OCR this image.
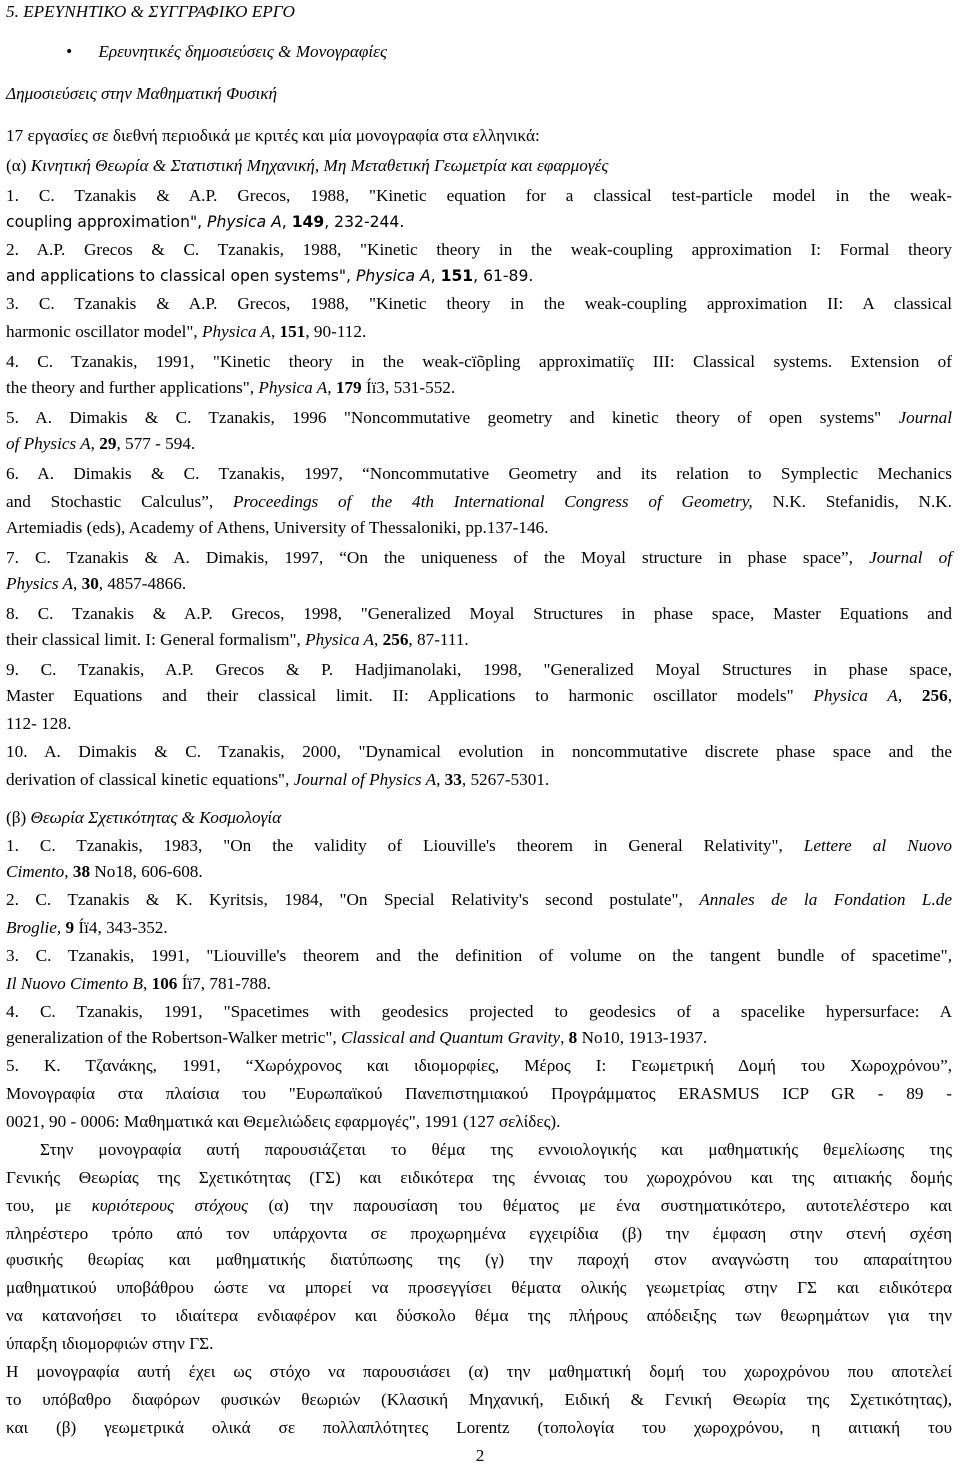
5. ΕΡΕΥΝΗΤΙΚΟ & ΣΥΓΓΡΑΦΙΚΟ ΕΡΓΟ

• Ερευνητικές δημοσιεύσεις & Μονογραφίες

Δημοσιεύσεις στην Μαθηματική Φυσική

17 εργασίες σε διεθνή περιοδικά με κριτές και μία μονογραφία στα ελληνικά:

(α) Κινητική Θεωρία & Στατιστική Μηχανική, Μη Μεταθετική Γεωμετρία και εφαρμογές

1. C. Tzanakis & A.P. Grecos, 1988, "Kinetic equation for a classical test-particle model in the weak-

coupling approximation", Physica A, 149, 232-244.

2. A.P. Grecos & C. Tzanakis, 1988, "Kinetic theory in the weak-coupling approximation I: Formal theory

and applications to classical open systems", Physica A, 151, 61-89.

3. C. Tzanakis & A.P. Grecos, 1988, "Kinetic theory in the weak-coupling approximation II: A classical

harmonic oscillator model", Physica A, 151, 90-112.

4. C. Tzanakis, 1991, "Kinetic theory in the weak-cïõpling approximatiïç III: Classical systems. Extension of

the theory and further applications", Physica A, 179 Íï3, 531-552.

5. A. Dimakis & C. Tzanakis, 1996 "Noncommutative geometry and kinetic theory of open systems" Journal

of Physics A, 29, 577 - 594.

6. A. Dimakis & C. Tzanakis, 1997, “Noncommutative Geometry and its relation to Symplectic Mechanics

and Stochastic Calculus”, Proceedings of the 4th International Congress of Geometry, N.K. Stefanidis, N.K.

Artemiadis (eds), Academy of Athens, University of Thessaloniki, pp.137-146.

7. C. Tzanakis & A. Dimakis, 1997, “On the uniqueness of the Moyal structure in phase space”, Journal of

Physics A, 30, 4857-4866.

8. C. Tzanakis & A.P. Grecos, 1998, "Generalized Moyal Structures in phase space, Master Equations and

their classical limit. I: General formalism", Physica A, 256, 87-111.

9. C. Tzanakis, A.P. Grecos & P. Hadjimanolaki, 1998, "Generalized Moyal Structures in phase space,

Master Equations and their classical limit. II: Applications to harmonic oscillator models" Physica A, 256,

112- 128.

10. A. Dimakis & C. Tzanakis, 2000, "Dynamical evolution in noncommutative discrete phase space and the

derivation of classical kinetic equations", Journal of Physics A, 33, 5267-5301.

(β) Θεωρία Σχετικότητας & Κοσμολογία

1. C. Tzanakis, 1983, "On the validity of Liouville's theorem in General Relativity", Lettere al Nuovo

Cimento, 38 No18, 606-608.

2. C. Tzanakis & K. Kyritsis, 1984, "On Special Relativity's second postulate", Annales de la Fondation L.de

Broglie, 9 Íï4, 343-352.

3. C. Tzanakis, 1991, "Liouville's theorem and the definition of volume on the tangent bundle of spacetime",

Il Nuovo Cimento B, 106 Íï7, 781-788.

4. C. Tzanakis, 1991, "Spacetimes with geodesics projected to geodesics of a spacelike hypersurface: A

generalization of the Robertson-Walker metric", Classical and Quantum Gravity, 8 No10, 1913-1937.

5. Κ. Τζανάκης, 1991, “Χωρόχρονος και ιδιομορφίες, Μέρος Ι: Γεωμετρική Δομή του Χωροχρόνου”,

Μονογραφία στα πλαίσια του "Ευρωπαϊκού Πανεπιστημιακού Προγράμματος ERASMUS ICP GR - 89 -

0021, 90 - 0006: Μαθηματικά και Θεμελιώδεις εφαρμογές", 1991 (127 σελίδες).

Στην μονογραφία αυτή παρουσιάζεται το θέμα της εννοιολογικής και μαθηματικής θεμελίωσης της

Γενικής Θεωρίας της Σχετικότητας (ΓΣ) και ειδικότερα της έννοιας του χωροχρόνου και της αιτιακής δομής

του, με κυριότερους στόχους (α) την παρουσίαση του θέματος με ένα συστηματικότερο, αυτοτελέστερο και

πληρέστερο τρόπο από τον υπάρχοντα σε προχωρημένα εγχειρίδια (β) την έμφαση στην στενή σχέση

φυσικής θεωρίας και μαθηματικής διατύπωσης της (γ) την παροχή στον αναγνώστη του απαραίτητου

μαθηματικού υποβάθρου ώστε να μπορεί να προσεγγίσει θέματα ολικής γεωμετρίας στην ΓΣ και ειδικότερα

να κατανοήσει το ιδιαίτερα ενδιαφέρον και δύσκολο θέμα της πλήρους απόδειξης των θεωρημάτων για την

ύπαρξη ιδιομορφιών στην ΓΣ.

Η μονογραφία αυτή έχει ως στόχο να παρουσιάσει (α) την μαθηματική δομή του χωροχρόνου που αποτελεί

το υπόβαθρο διαφόρων φυσικών θεωριών (Κλασική Μηχανική, Ειδική & Γενική Θεωρία της Σχετικότητας),

και (β) γεωμετρικά ολικά σε πολλαπλότητες Lorentz (τοπολογία του χωροχρόνου, η αιτιακή του

2
